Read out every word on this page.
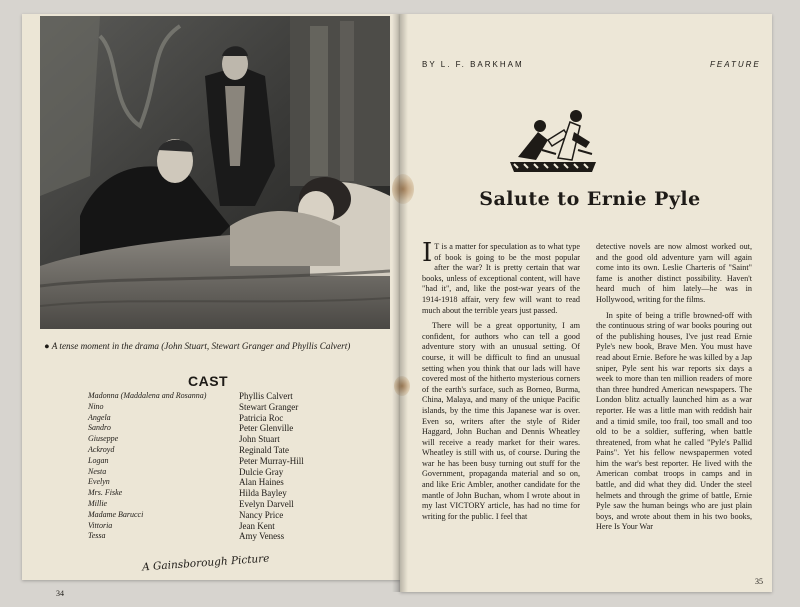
● A tense moment in the drama (John Stuart, Stewart Granger and Phyllis Calvert)
CAST
Madonna (Maddalena and Rosanna)
Nino
Angela
Sandro
Giuseppe
Ackroyd
Logan
Nesta
Evelyn
Mrs. Fiske
Millie
Madame Barucci
Vittoria
Tessa
Phyllis Calvert
Stewart Granger
Patricia Roc
Peter Glenville
John Stuart
Reginald Tate
Peter Murray-Hill
Dulcie Gray
Alan Haines
Hilda Bayley
Evelyn Darvell
Nancy Price
Jean Kent
Amy Veness
A Gainsborough Picture
34
BY L. F. BARKHAM	FEATURE
Salute to Ernie Pyle

I T is a matter for speculation as to what type of book is going to be the most popular after the war? It is pretty certain that war books, unless of exceptional content, will have "had it", and, like the post-war years of the 1914-1918 affair, very few will want to read much about the terrible years just passed.

There will be a great opportunity, I am confident, for authors who can tell a good adventure story with an unusual setting. Of course, it will be difficult to find an unusual setting when you think that our lads will have covered most of the hitherto mysterious corners of the earth's surface, such as Borneo, Burma, China, Malaya, and many of the unique Pacific islands, by the time this Japanese war is over. Even so, writers after the style of Rider Haggard, John Buchan and Dennis Wheatley will receive a ready market for their wares. Wheatley is still with us, of course. During the war he has been busy turning out stuff for the Government, propaganda material and so on, and like Eric Ambler, another candidate for the mantle of John Buchan, whom I wrote about in my last VICTORY article, has had no time for writing for the public. I feel that

detective novels are now almost worked out, and the good old adventure yarn will again come into its own. Leslie Charteris of "Saint" fame is another distinct possibility. Haven't heard much of him lately—he was in Hollywood, writing for the films.

In spite of being a trifle browned-off with the continuous string of war books pouring out of the publishing houses, I've just read Ernie Pyle's new book, Brave Men. You must have read about Ernie. Before he was killed by a Jap sniper, Pyle sent his war reports six days a week to more than ten million readers of more than three hundred American newspapers. The London blitz actually launched him as a war reporter. He was a little man with reddish hair and a timid smile, too frail, too small and too old to be a soldier, suffering, when battle threatened, from what he called "Pyle's Pallid Pains". Yet his fellow newspapermen voted him the war's best reporter. He lived with the American combat troops in camps and in battle, and did what they did. Under the steel helmets and through the grime of battle, Ernie Pyle saw the human beings who are just plain boys, and wrote about them in his two books, Here Is Your War

35
